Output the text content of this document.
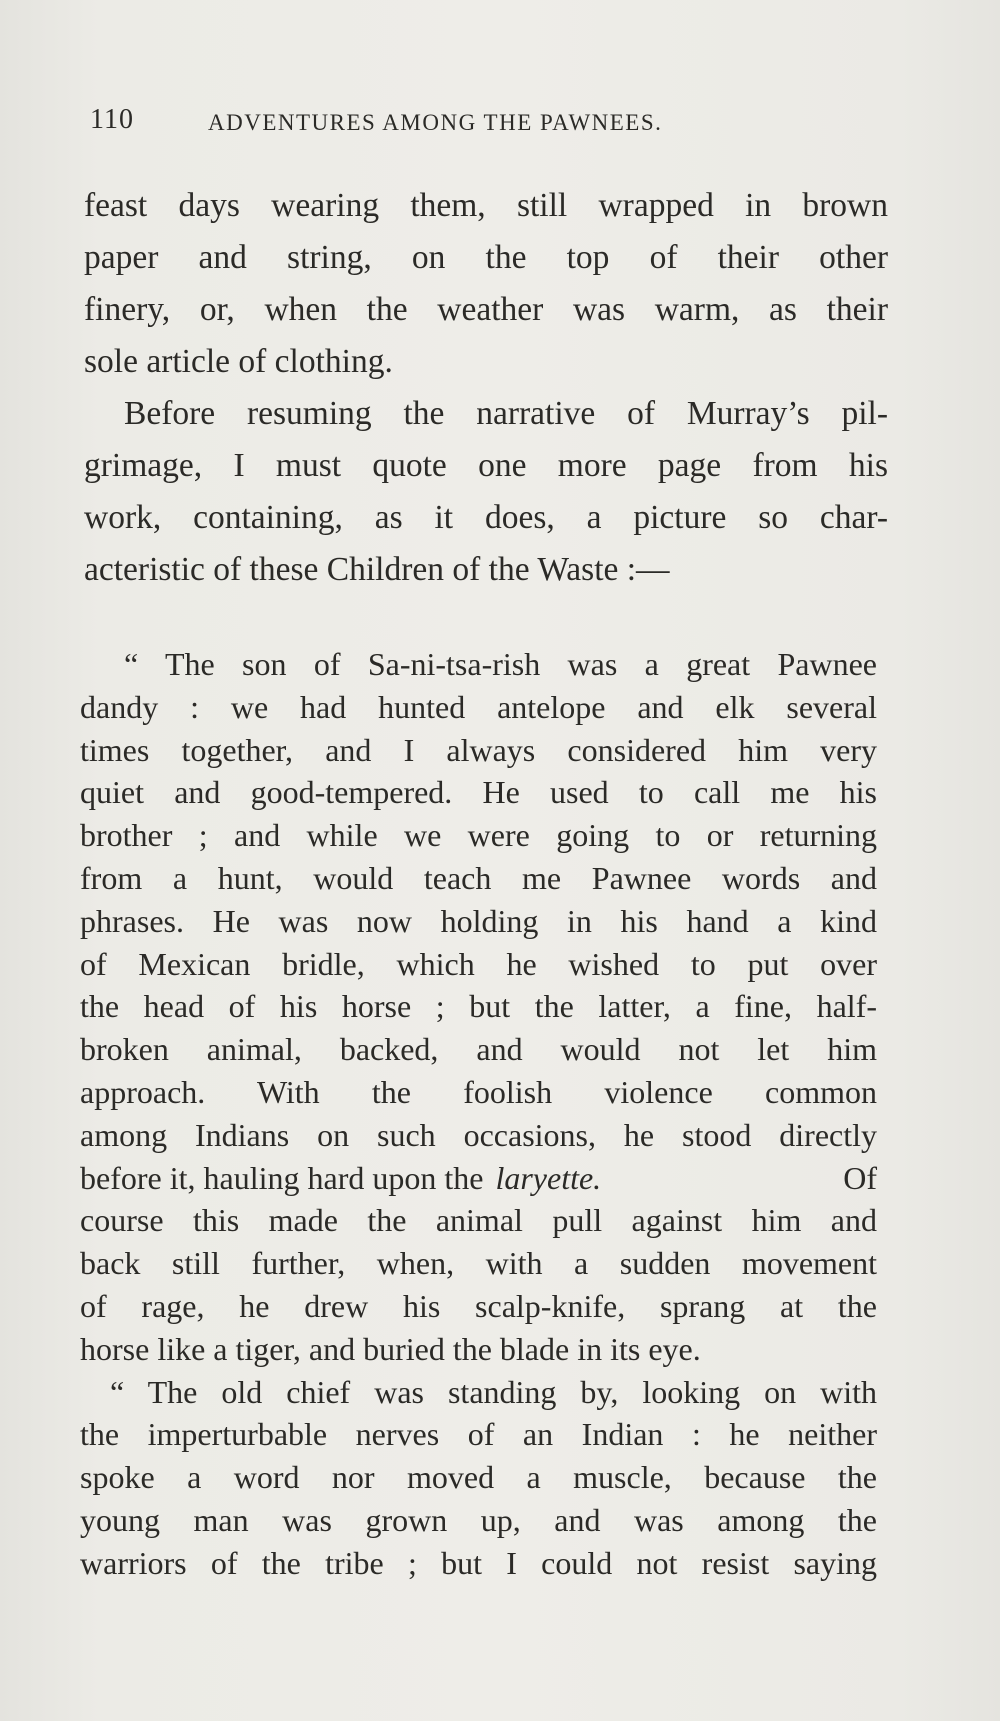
110	ADVENTURES AMONG THE PAWNEES.
feast days wearing them, still wrapped in brown
paper and string, on the top of their other
finery, or, when the weather was warm, as their
sole article of clothing.
Before resuming the narrative of Murray’s pil-
grimage, I must quote one more page from his
work, containing, as it does, a picture so char-
acteristic of these Children of the Waste :—
“ The son of Sa-ni-tsa-rish was a great Pawnee
dandy : we had hunted antelope and elk several
times together, and I always considered him very
quiet and good-tempered. He used to call me his
brother ; and while we were going to or returning
from a hunt, would teach me Pawnee words and
phrases. He was now holding in his hand a kind
of Mexican bridle, which he wished to put over
the head of his horse ; but the latter, a fine, half-
broken animal, backed, and would not let him
approach. With the foolish violence common
among Indians on such occasions, he stood directly
before it, hauling hard upon the laryette.	Of
course this made the animal pull against him and
back still further, when, with a sudden movement
of rage, he drew his scalp-knife, sprang at the
horse like a tiger, and buried the blade in its eye.
“ The old chief was standing by, looking on with
the imperturbable nerves of an Indian : he neither
spoke a word nor moved a muscle, because the
young man was grown up, and was among the
warriors of the tribe ; but I could not resist saying
